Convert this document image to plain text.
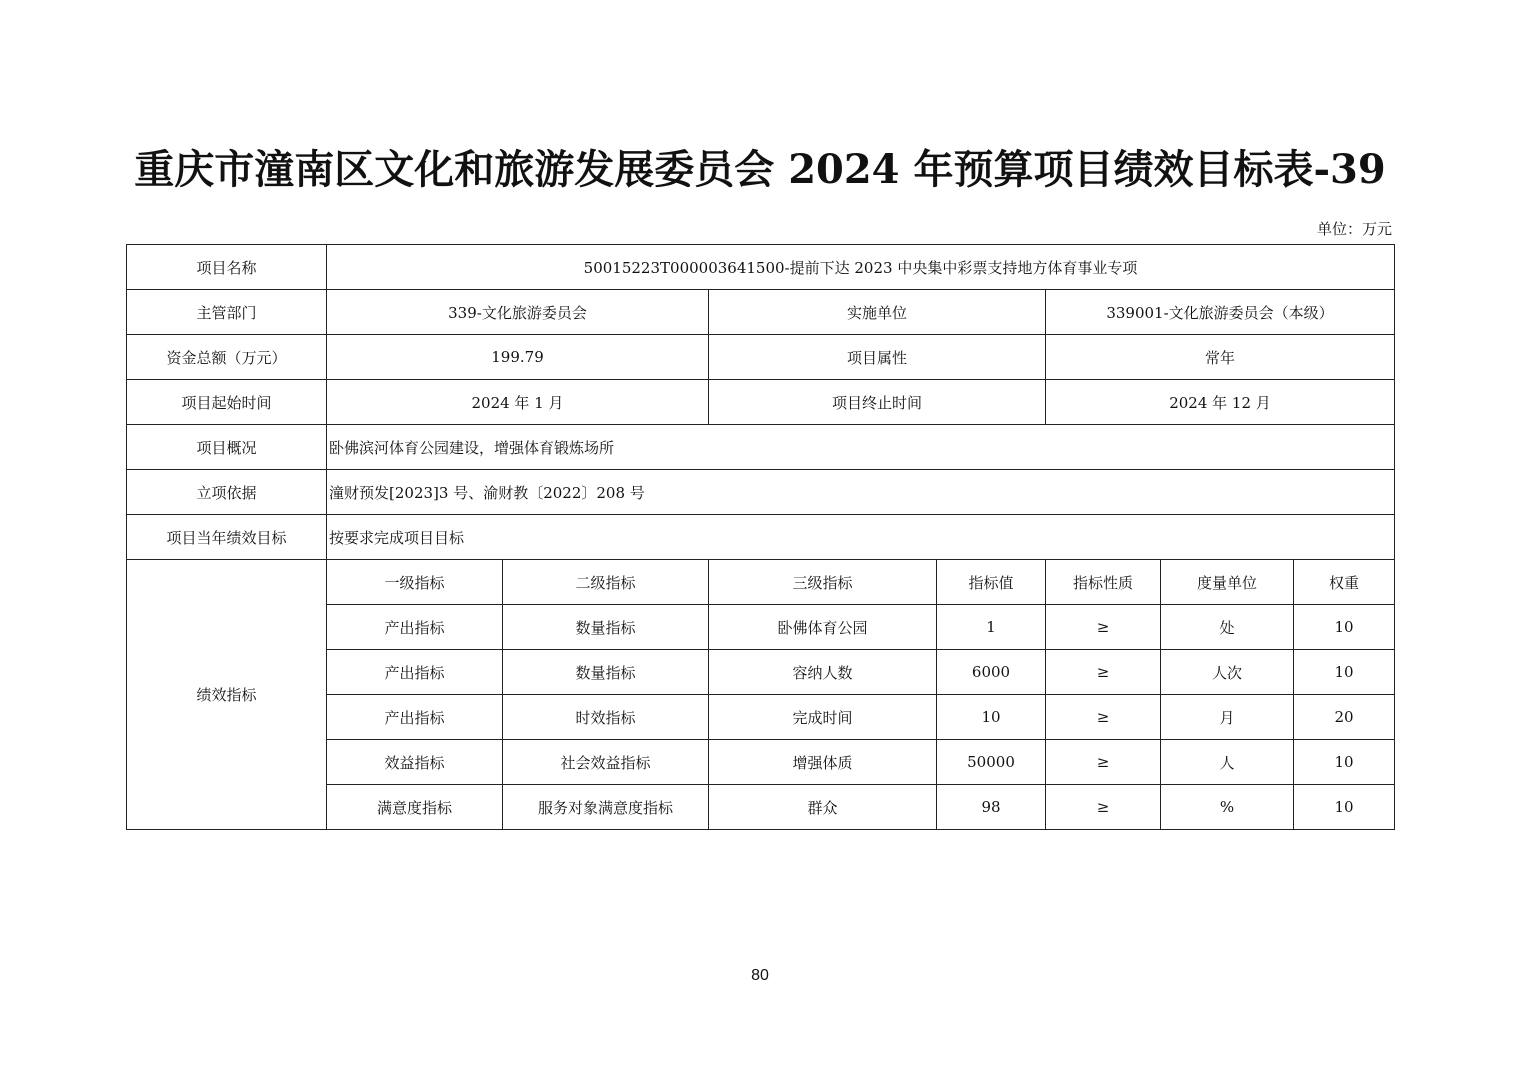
重庆市潼南区文化和旅游发展委员会 2024 年预算项目绩效目标表-39
单位：万元
项目名称	50015223T000003641500-提前下达 2023 中央集中彩票支持地方体育事业专项						
主管部门	339-文化旅游委员会		实施单位		339001-文化旅游委员会（本级）		
资金总额（万元）	199.79		项目属性		常年		
项目起始时间	2024 年 1 月		项目终止时间		2024 年 12 月		
项目概况	卧佛滨河体育公园建设，增强体育锻炼场所						
立项依据	潼财预发[2023]3 号、渝财教〔2022〕208 号						
项目当年绩效目标	按要求完成项目目标						
绩效指标	一级指标	二级指标	三级指标	指标值	指标性质	度量单位	权重
	产出指标	数量指标	卧佛体育公园	1	≥	处	10
	产出指标	数量指标	容纳人数	6000	≥	人次	10
	产出指标	时效指标	完成时间	10	≥	月	20
	效益指标	社会效益指标	增强体质	50000	≥	人	10
	满意度指标	服务对象满意度指标	群众	98	≥	%	10
80
